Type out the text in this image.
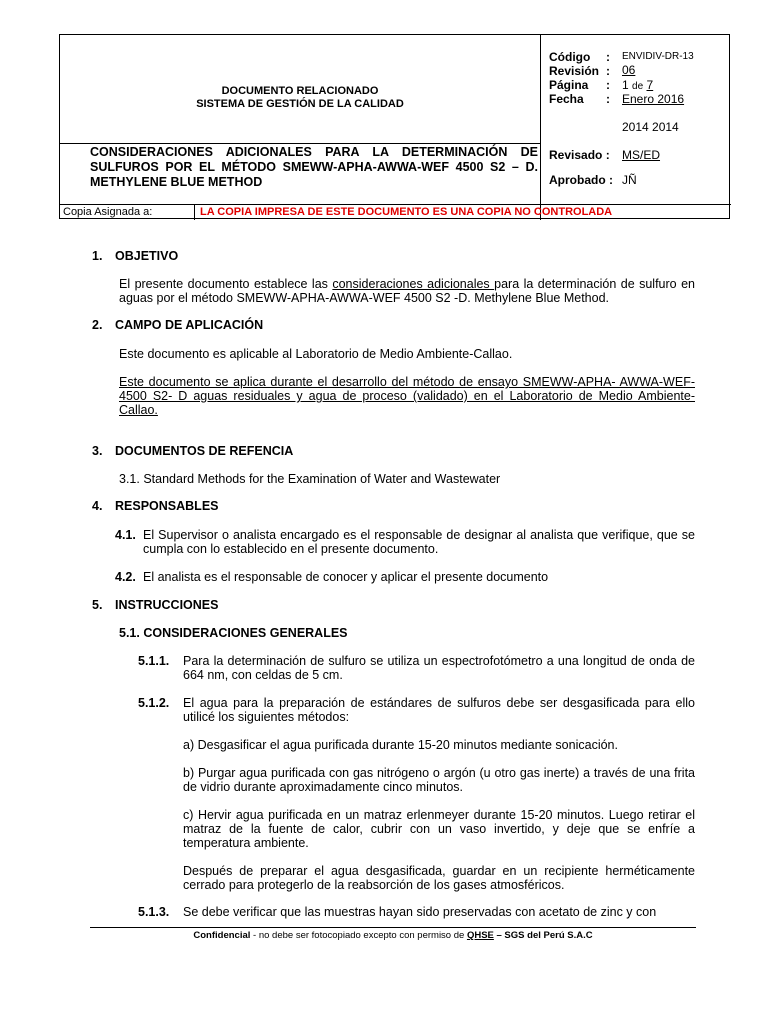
DOCUMENTO RELACIONADO
SISTEMA DE GESTIÓN DE LA CALIDAD
CONSIDERACIONES ADICIONALES PARA LA DETERMINACIÓN DE SULFUROS POR EL MÉTODO SMEWW-APHA-AWWA-WEF 4500 S2 – D. METHYLENE BLUE METHOD
Código : ENVIDIV-DR-13
Revisión : 06
Página : 1 de 7
Fecha : Enero 2016
2014 2014
Revisado : MS/ED
Aprobado : JÑ
Copia Asignada a:	LA COPIA IMPRESA DE ESTE DOCUMENTO ES UNA COPIA NO CONTROLADA
1. OBJETIVO
El presente documento establece las consideraciones adicionales para la determinación de sulfuro en aguas por el método SMEWW-APHA-AWWA-WEF 4500 S2 -D. Methylene Blue Method.
2. CAMPO DE APLICACIÓN
Este documento es aplicable al Laboratorio de Medio Ambiente-Callao.
Este documento se aplica durante el desarrollo del método de ensayo SMEWW-APHA- AWWA-WEF-4500 S2- D aguas residuales y agua de proceso (validado) en el Laboratorio de Medio Ambiente-Callao.
3. DOCUMENTOS DE REFENCIA
3.1. Standard Methods for the Examination of Water and Wastewater
4. RESPONSABLES
4.1. El Supervisor o analista encargado es el responsable de designar al analista que verifique, que se cumpla con lo establecido en el presente documento.
4.2. El analista es el responsable de conocer y aplicar el presente documento
5. INSTRUCCIONES
5.1. CONSIDERACIONES GENERALES
5.1.1. Para la determinación de sulfuro se utiliza un espectrofotómetro a una longitud de onda de 664 nm, con celdas de 5 cm.
5.1.2. El agua para la preparación de estándares de sulfuros debe ser desgasificada para ello utilicé los siguientes métodos:
a) Desgasificar el agua purificada durante 15-20 minutos mediante sonicación.
b) Purgar agua purificada con gas nitrógeno o argón (u otro gas inerte) a través de una frita de vidrio durante aproximadamente cinco minutos.
c) Hervir agua purificada en un matraz erlenmeyer durante 15-20 minutos. Luego retirar el matraz de la fuente de calor, cubrir con un vaso invertido, y deje que se enfríe a temperatura ambiente.
Después de preparar el agua desgasificada, guardar en un recipiente herméticamente cerrado para protegerlo de la reabsorción de los gases atmosféricos.
5.1.3. Se debe verificar que las muestras hayan sido preservadas con acetato de zinc y con
Confidencial - no debe ser fotocopiado excepto con permiso de QHSE – SGS del Perú S.A.C
